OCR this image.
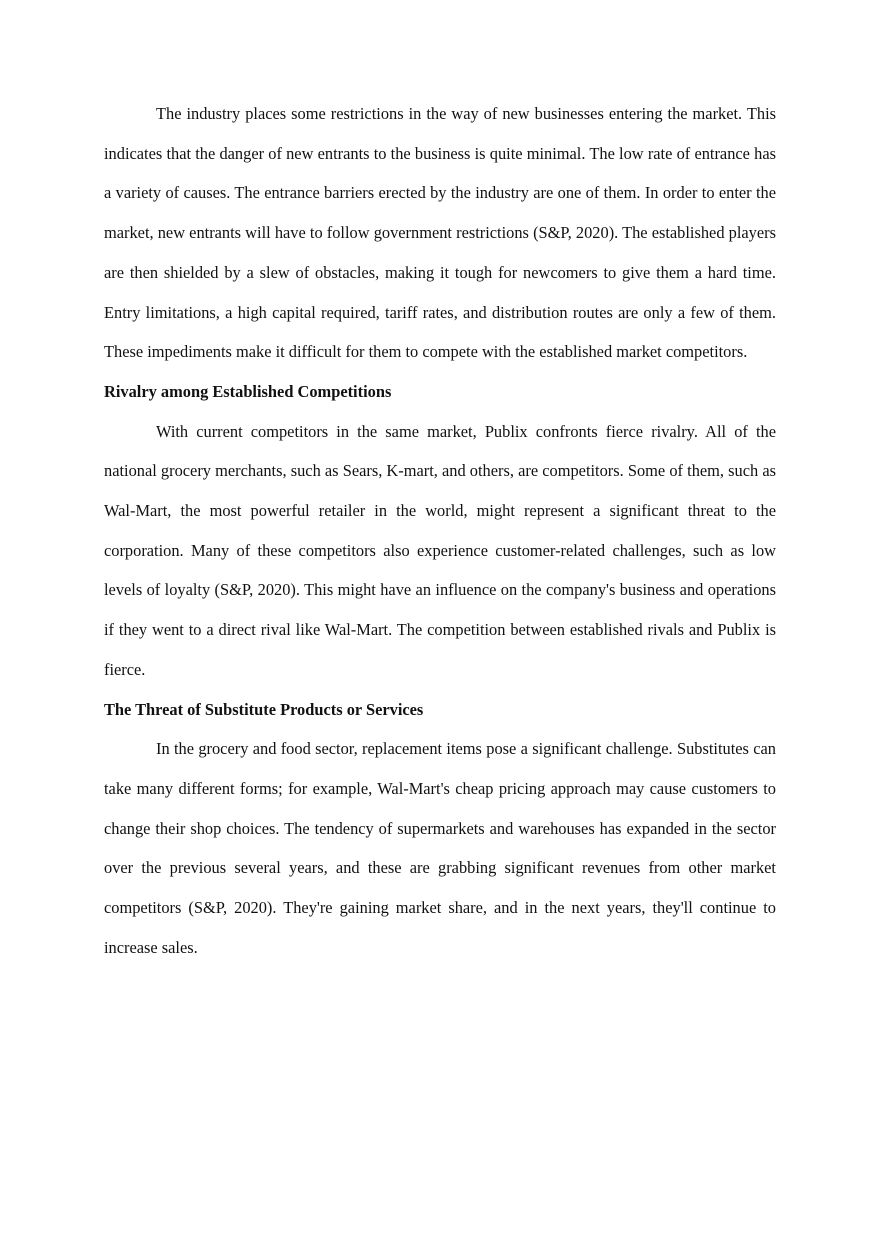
The industry places some restrictions in the way of new businesses entering the market. This indicates that the danger of new entrants to the business is quite minimal. The low rate of entrance has a variety of causes. The entrance barriers erected by the industry are one of them. In order to enter the market, new entrants will have to follow government restrictions (S&P, 2020). The established players are then shielded by a slew of obstacles, making it tough for newcomers to give them a hard time. Entry limitations, a high capital required, tariff rates, and distribution routes are only a few of them. These impediments make it difficult for them to compete with the established market competitors.

Rivalry among Established Competitions

With current competitors in the same market, Publix confronts fierce rivalry. All of the national grocery merchants, such as Sears, K-mart, and others, are competitors. Some of them, such as Wal-Mart, the most powerful retailer in the world, might represent a significant threat to the corporation. Many of these competitors also experience customer-related challenges, such as low levels of loyalty (S&P, 2020). This might have an influence on the company's business and operations if they went to a direct rival like Wal-Mart. The competition between established rivals and Publix is fierce.

The Threat of Substitute Products or Services

In the grocery and food sector, replacement items pose a significant challenge. Substitutes can take many different forms; for example, Wal-Mart's cheap pricing approach may cause customers to change their shop choices. The tendency of supermarkets and warehouses has expanded in the sector over the previous several years, and these are grabbing significant revenues from other market competitors (S&P, 2020). They're gaining market share, and in the next years, they'll continue to increase sales.
